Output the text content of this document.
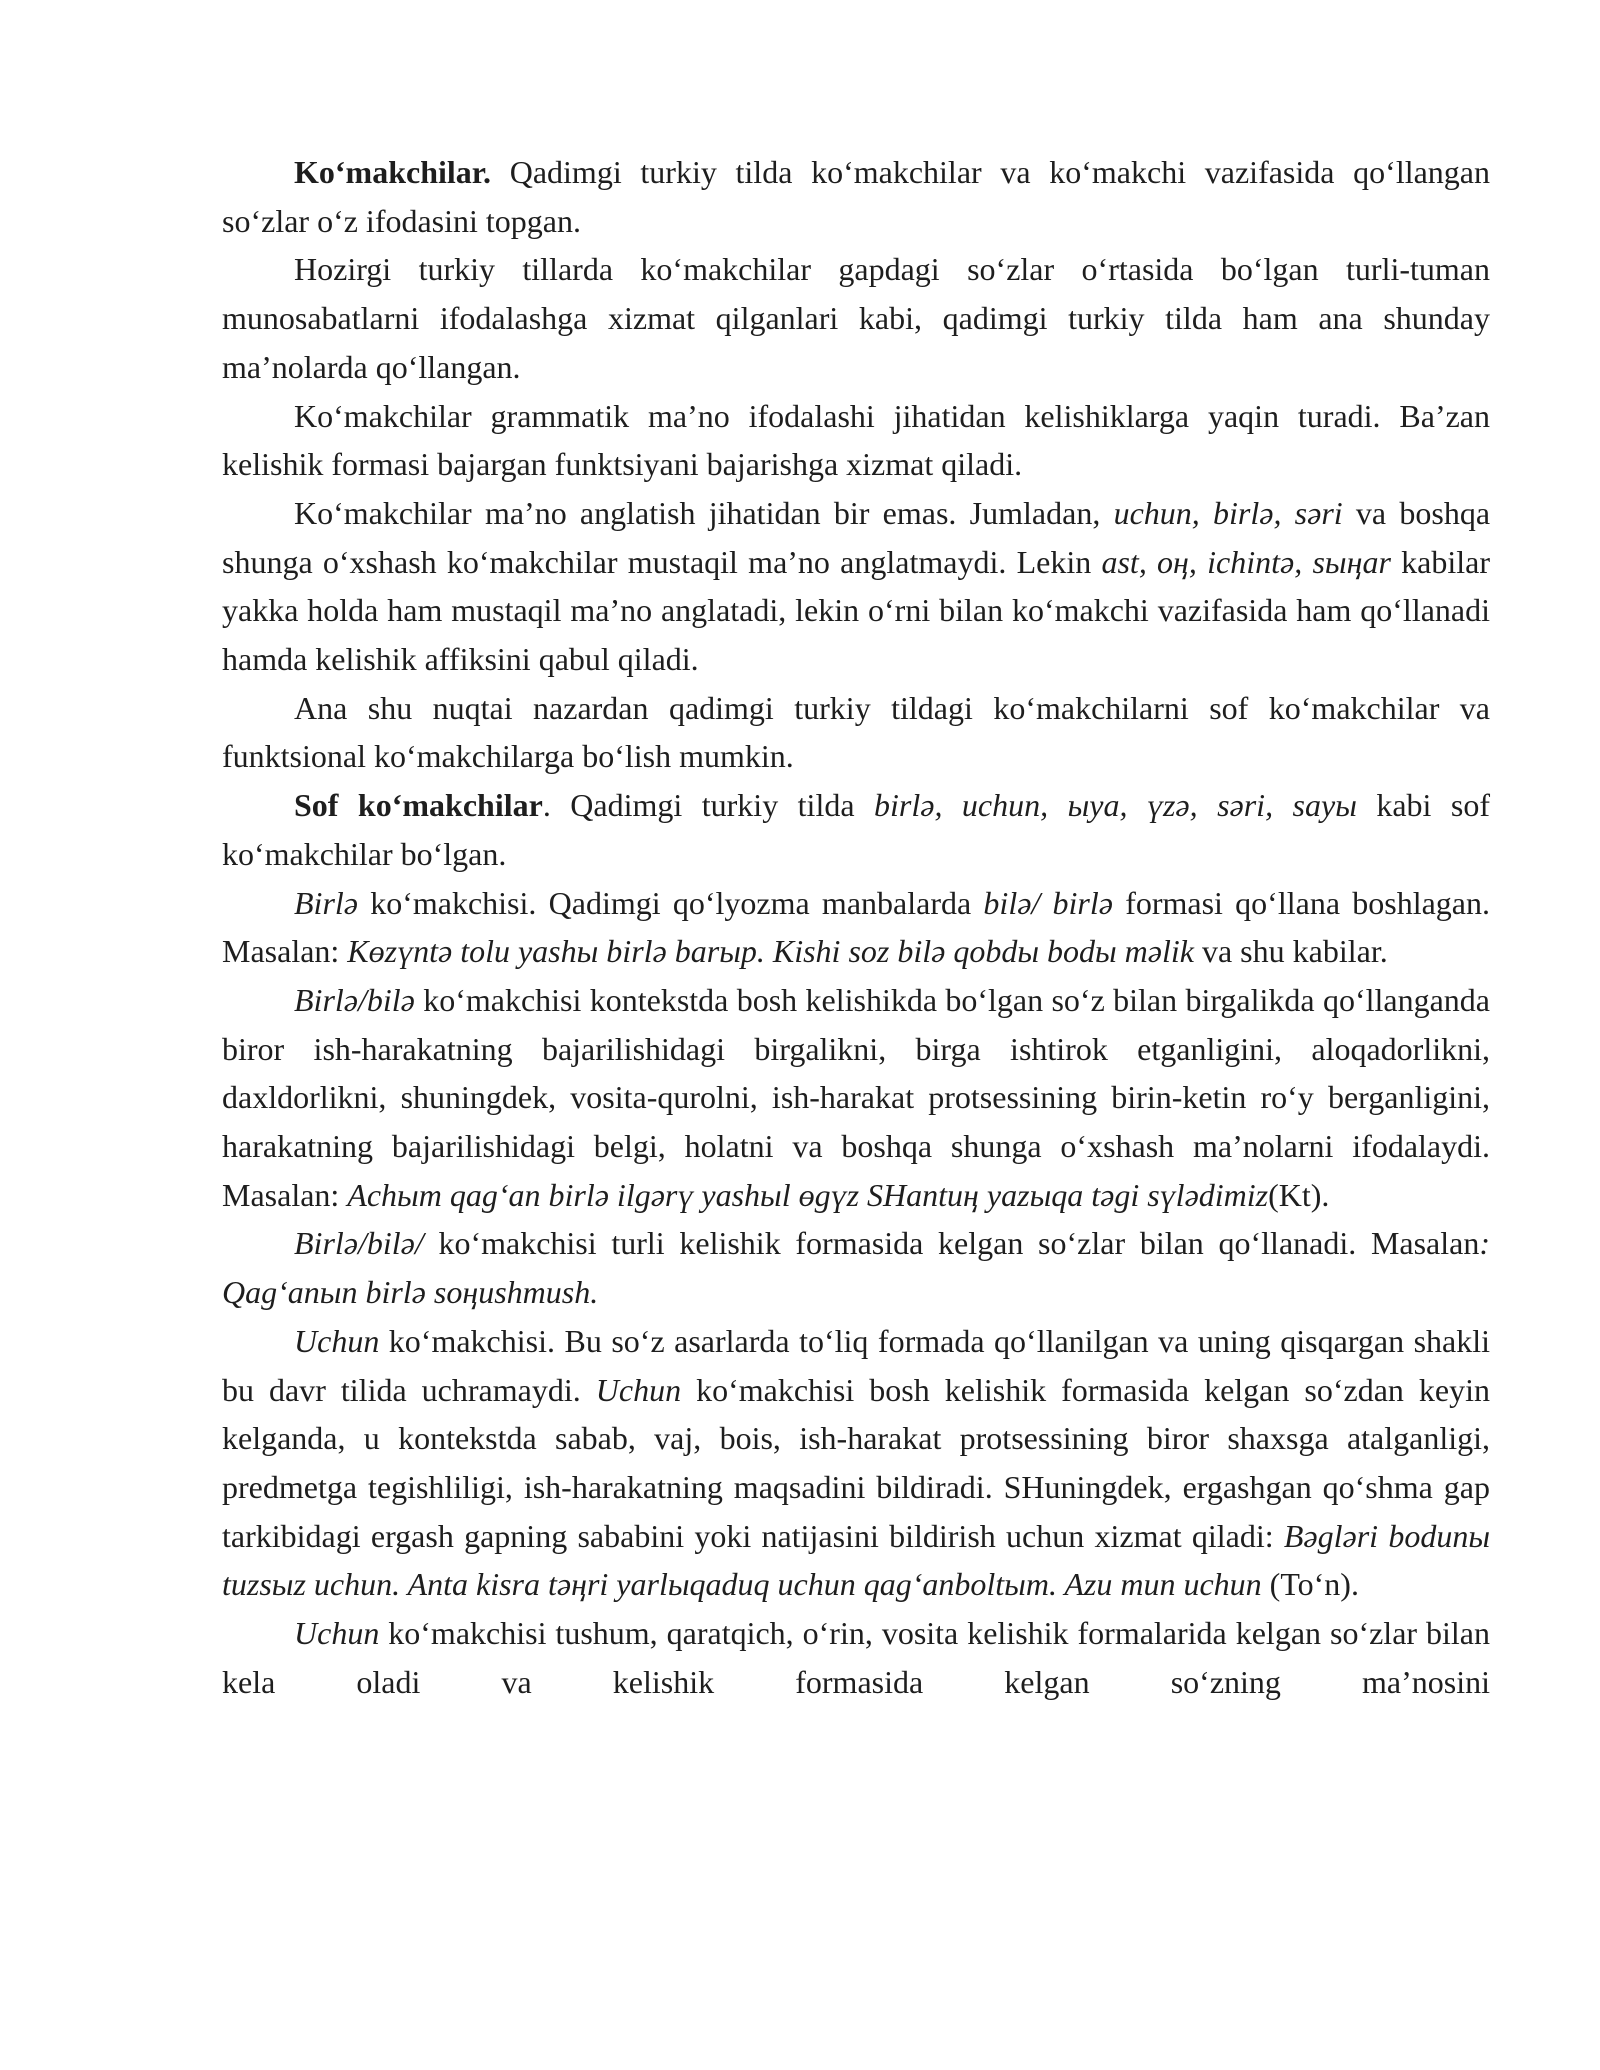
Koʻmakchilar. Qadimgi turkiy tilda koʻmakchilar va koʻmakchi vazifasida qoʻllangan soʻzlar oʻz ifodasini topgan.

Hozirgi turkiy tillarda koʻmakchilar gapdagi soʻzlar oʻrtasida boʻlgan turli-tuman munosabatlarni ifodalashga xizmat qilganlari kabi, qadimgi turkiy tilda ham ana shunday maʼnolarda qoʻllangan.

Koʻmakchilar grammatik maʼno ifodalashi jihatidan kelishiklarga yaqin turadi. Baʼzan kelishik formasi bajargan funktsiyani bajarishga xizmat qiladi.

Koʻmakchilar maʼno anglatish jihatidan bir emas. Jumladan, uchun, birlə, səri va boshqa shunga oʻxshash koʻmakchilar mustaqil maʼno anglatmaydi. Lekin ast, oң, ichintə, sыңar kabilar yakka holda ham mustaqil maʼno anglatadi, lekin oʻrni bilan koʻmakchi vazifasida ham qoʻllanadi hamda kelishik affiksini qabul qiladi.

Ana shu nuqtai nazardan qadimgi turkiy tildagi koʻmakchilarni sof koʻmakchilar va funktsional koʻmakchilarga boʻlish mumkin.

Sof koʻmakchilar. Qadimgi turkiy tilda birlə, uchun, ыya, үzə, səri, sayы kabi sof koʻmakchilar boʻlgan.

Birlə koʻmakchisi. Qadimgi qoʻlyozma manbalarda bilə/ birlə formasi qoʻllana boshlagan. Masalan: Kөzүntə tolu yashы birlə barыp. Kishi soz bilə qobdы bodы məlik va shu kabilar.

Birlə/bilə koʻmakchisi kontekstda bosh kelishikda boʻlgan soʻz bilan birgalikda qoʻllanganda biror ish-harakatning bajarilishidagi birgalikni, birga ishtirok etganligini, aloqadorlikni, daxldorlikni, shuningdek, vosita-qurolni, ish-harakat protsessining birin-ketin roʻy berganligini, harakatning bajarilishidagi belgi, holatni va boshqa shunga oʻxshash maʼnolarni ifodalaydi. Masalan: Achыm qagʻan birlə ilgərү yashыl өgүz SHantuң yazыqa təgi sүlədimiz(Kt).

Birlə/bilə/ koʻmakchisi turli kelishik formasida kelgan soʻzlar bilan qoʻllanadi. Masalan: Qagʻanыn birlə soңushmush.

Uchun koʻmakchisi. Bu soʻz asarlarda toʻliq formada qoʻllanilgan va uning qisqargan shakli bu davr tilida uchramaydi. Uchun koʻmakchisi bosh kelishik formasida kelgan soʻzdan keyin kelganda, u kontekstda sabab, vaj, bois, ish-harakat protsessining biror shaxsga atalganligi, predmetga tegishliligi, ish-harakatning maqsadini bildiradi. SHuningdek, ergashgan qoʻshma gap tarkibidagi ergash gapning sababini yoki natijasini bildirish uchun xizmat qiladi: Bəgləri bodunы tuzsыz uchun. Anta kisra təңri yarlыqaduq uchun qagʻanboltыm. Azu mun uchun (Toʻn).

Uchun koʻmakchisi tushum, qaratqich, oʻrin, vosita kelishik formalarida kelgan soʻzlar bilan kela oladi va kelishik formasida kelgan soʻzning maʼnosini
